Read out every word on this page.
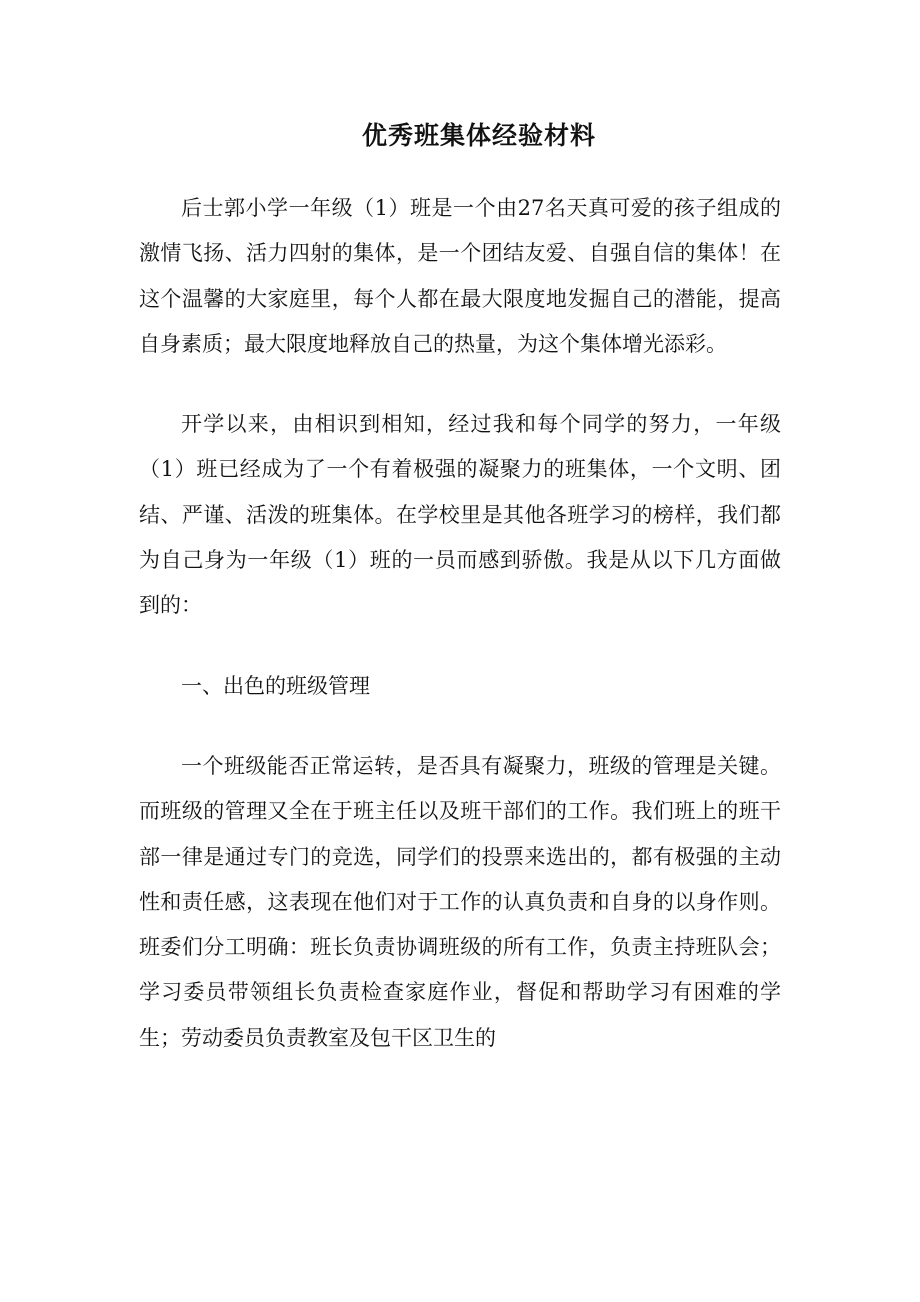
优秀班集体经验材料

后士郭小学一年级（1）班是一个由27名天真可爱的孩子组成的激情飞扬、活力四射的集体，是一个团结友爱、自强自信的集体！在这个温馨的大家庭里，每个人都在最大限度地发掘自己的潜能，提高自身素质；最大限度地释放自己的热量，为这个集体增光添彩。

开学以来，由相识到相知，经过我和每个同学的努力，一年级（1）班已经成为了一个有着极强的凝聚力的班集体，一个文明、团结、严谨、活泼的班集体。在学校里是其他各班学习的榜样，我们都为自己身为一年级（1）班的一员而感到骄傲。我是从以下几方面做到的：

一、出色的班级管理

一个班级能否正常运转，是否具有凝聚力，班级的管理是关键。而班级的管理又全在于班主任以及班干部们的工作。我们班上的班干部一律是通过专门的竞选，同学们的投票来选出的，都有极强的主动性和责任感，这表现在他们对于工作的认真负责和自身的以身作则。班委们分工明确：班长负责协调班级的所有工作，负责主持班队会；学习委员带领组长负责检查家庭作业，督促和帮助学习有困难的学生；劳动委员负责教室及包干区卫生的
